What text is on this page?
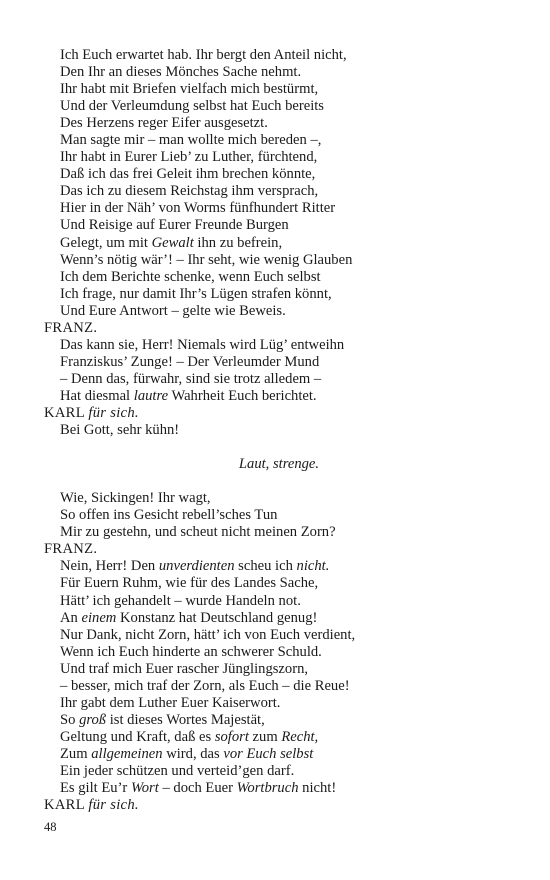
Ich Euch erwartet hab. Ihr bergt den Anteil nicht,
Den Ihr an dieses Mönches Sache nehmt.
Ihr habt mit Briefen vielfach mich bestürmt,
Und der Verleumdung selbst hat Euch bereits
Des Herzens reger Eifer ausgesetzt.
Man sagte mir – man wollte mich bereden –,
Ihr habt in Eurer Lieb’ zu Luther, fürchtend,
Daß ich das frei Geleit ihm brechen könnte,
Das ich zu diesem Reichstag ihm versprach,
Hier in der Näh’ von Worms fünfhundert Ritter
Und Reisige auf Eurer Freunde Burgen
Gelegt, um mit Gewalt ihn zu befrein,
Wenn’s nötig wär’! – Ihr seht, wie wenig Glauben
Ich dem Berichte schenke, wenn Euch selbst
Ich frage, nur damit Ihr’s Lügen strafen könnt,
Und Eure Antwort – gelte wie Beweis.
FRANZ.
Das kann sie, Herr! Niemals wird Lüg’ entweihn
Franziskus’ Zunge! – Der Verleumder Mund
– Denn das, fürwahr, sind sie trotz alledem –
Hat diesmal lautre Wahrheit Euch berichtet.
KARL für sich.
Bei Gott, sehr kühn!
Laut, strenge.
Wie, Sickingen! Ihr wagt,
So offen ins Gesicht rebell’sches Tun
Mir zu gestehn, und scheut nicht meinen Zorn?
FRANZ.
Nein, Herr! Den unverdienten scheu ich nicht.
Für Euern Ruhm, wie für des Landes Sache,
Hätt’ ich gehandelt – wurde Handeln not.
An einem Konstanz hat Deutschland genug!
Nur Dank, nicht Zorn, hätt’ ich von Euch verdient,
Wenn ich Euch hinderte an schwerer Schuld.
Und traf mich Euer rascher Jünglingszorn,
– besser, mich traf der Zorn, als Euch – die Reue!
Ihr gabt dem Luther Euer Kaiserwort.
So groß ist dieses Wortes Majestät,
Geltung und Kraft, daß es sofort zum Recht,
Zum allgemeinen wird, das vor Euch selbst
Ein jeder schützen und verteid’gen darf.
Es gilt Eu’r Wort – doch Euer Wortbruch nicht!
KARL für sich.
48
